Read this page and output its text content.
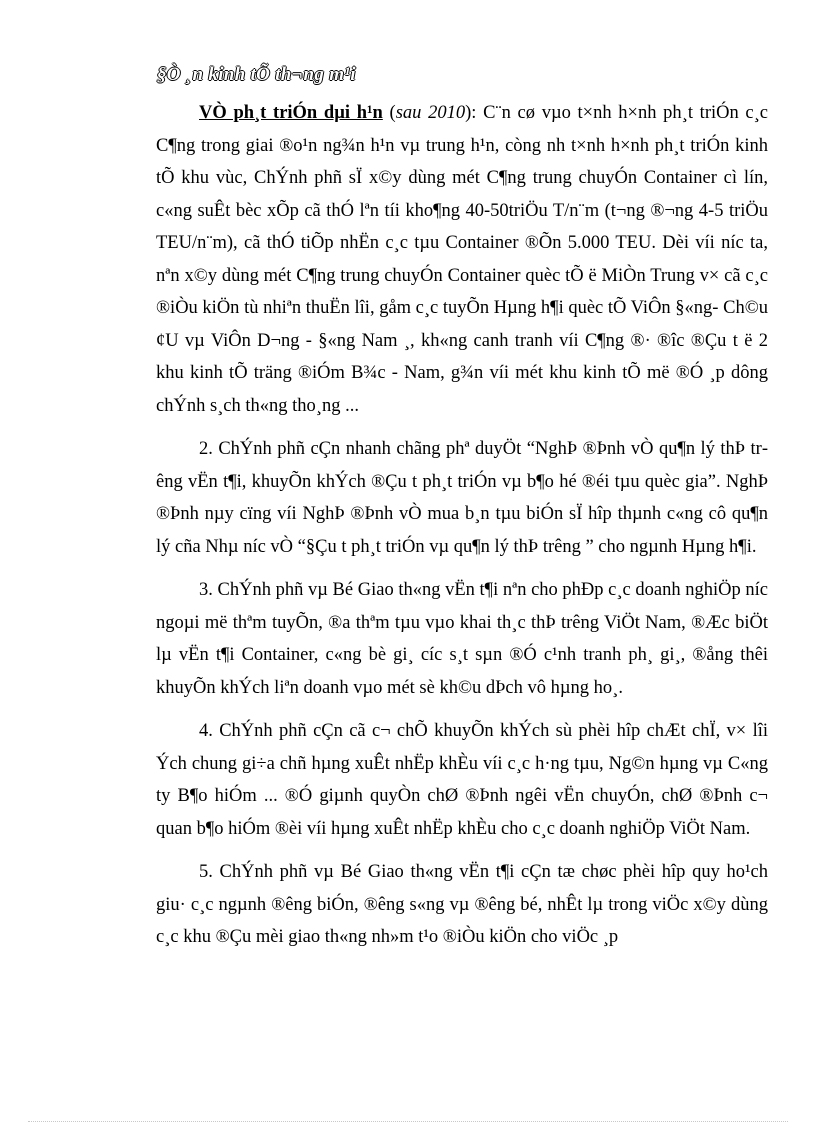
§Ò ¸n kinh tÕ th¬ng m¹i

VÒ ph¸t triÓn dµi h¹n (sau 2010): C¨n cø vµo t×nh h×nh ph¸t triÓn c¸c C¶ng trong giai ®o¹n ng¾n h¹n vµ trung h¹n, còng nh t×nh h×nh ph¸t triÓn kinh tÕ khu vùc, ChÝnh phñ sÏ x©y dùng mét C¶ng trung chuyÓn Container cì lín, c«ng suÊt bèc xÕp cã thÓ lªn tíi kho¶ng 40-50triÖu T/n¨m (t¬ng ®¬ng 4-5 triÖu TEU/n¨m), cã thÓ tiÕp nhËn c¸c tµu Container ®Õn 5.000 TEU. Dèi víi níc ta, nªn x©y dùng mét C¶ng trung chuyÓn Container quèc tÕ ë MiÒn Trung v× cã c¸c ®iÒu kiÖn tù nhiªn thuËn lîi, gåm c¸c tuyÕn Hµng h¶i quèc tÕ ViÔn §«ng- Ch©u ¢U vµ ViÔn D¬ng - §«ng Nam ¸, kh«ng canh tranh víi C¶ng ®· ®îc ®Çu t ë 2 khu kinh tÕ träng ®iÓm B¾c - Nam, g¾n víi mét khu kinh tÕ më ®Ó ¸p dông chÝnh s¸ch th«ng tho¸ng ...

2. ChÝnh phñ cÇn nhanh chãng phª duyÖt “NghÞ ®Þnh vÒ qu¶n lý thÞ trêng vËn t¶i, khuyÕn khÝch ®Çu t ph¸t triÓn vµ b¶o hé ®éi tµu quèc gia”. NghÞ ®Þnh nµy cïng víi NghÞ ®Þnh vÒ mua b¸n tµu biÓn sÏ hîp thµnh c«ng cô qu¶n lý cña Nhµ níc vÒ “§Çu t ph¸t triÓn vµ qu¶n lý thÞ trêng ” cho ngµnh Hµng h¶i.

3. ChÝnh phñ vµ Bé Giao th«ng vËn t¶i nªn cho phÐp c¸c doanh nghiÖp níc ngoµi më thªm tuyÕn, ®a thªm tµu vµo khai th¸c thÞ trêng ViÖt Nam, ®Æc biÖt lµ vËn t¶i Container, c«ng bè gi¸ cíc s¸t sµn ®Ó c¹nh tranh ph¸ gi¸, ®ång thêi khuyÕn khÝch liªn doanh vµo mét sè kh©u dÞch vô hµng ho¸.

4. ChÝnh phñ cÇn cã c¬ chÕ khuyÕn khÝch sù phèi hîp chÆt chÏ, v× lîi Ých chung gi÷a chñ hµng xuÊt nhËp khÈu víi c¸c h·ng tµu, Ng©n hµng vµ C«ng ty B¶o hiÓm ... ®Ó giµnh quyÒn chØ ®Þnh ngêi vËn chuyÓn, chØ ®Þnh c¬ quan b¶o hiÓm ®èi víi hµng xuÊt nhËp khÈu cho c¸c doanh nghiÖp ViÖt Nam.

5. ChÝnh phñ vµ Bé Giao th«ng vËn t¶i cÇn tæ chøc phèi hîp quy ho¹ch giu· c¸c ngµnh ®êng biÓn, ®êng s«ng vµ ®êng bé, nhÊt lµ trong viÖc x©y dùng c¸c khu ®Çu mèi giao th«ng nh»m t¹o ®iÒu kiÖn cho viÖc ¸p
